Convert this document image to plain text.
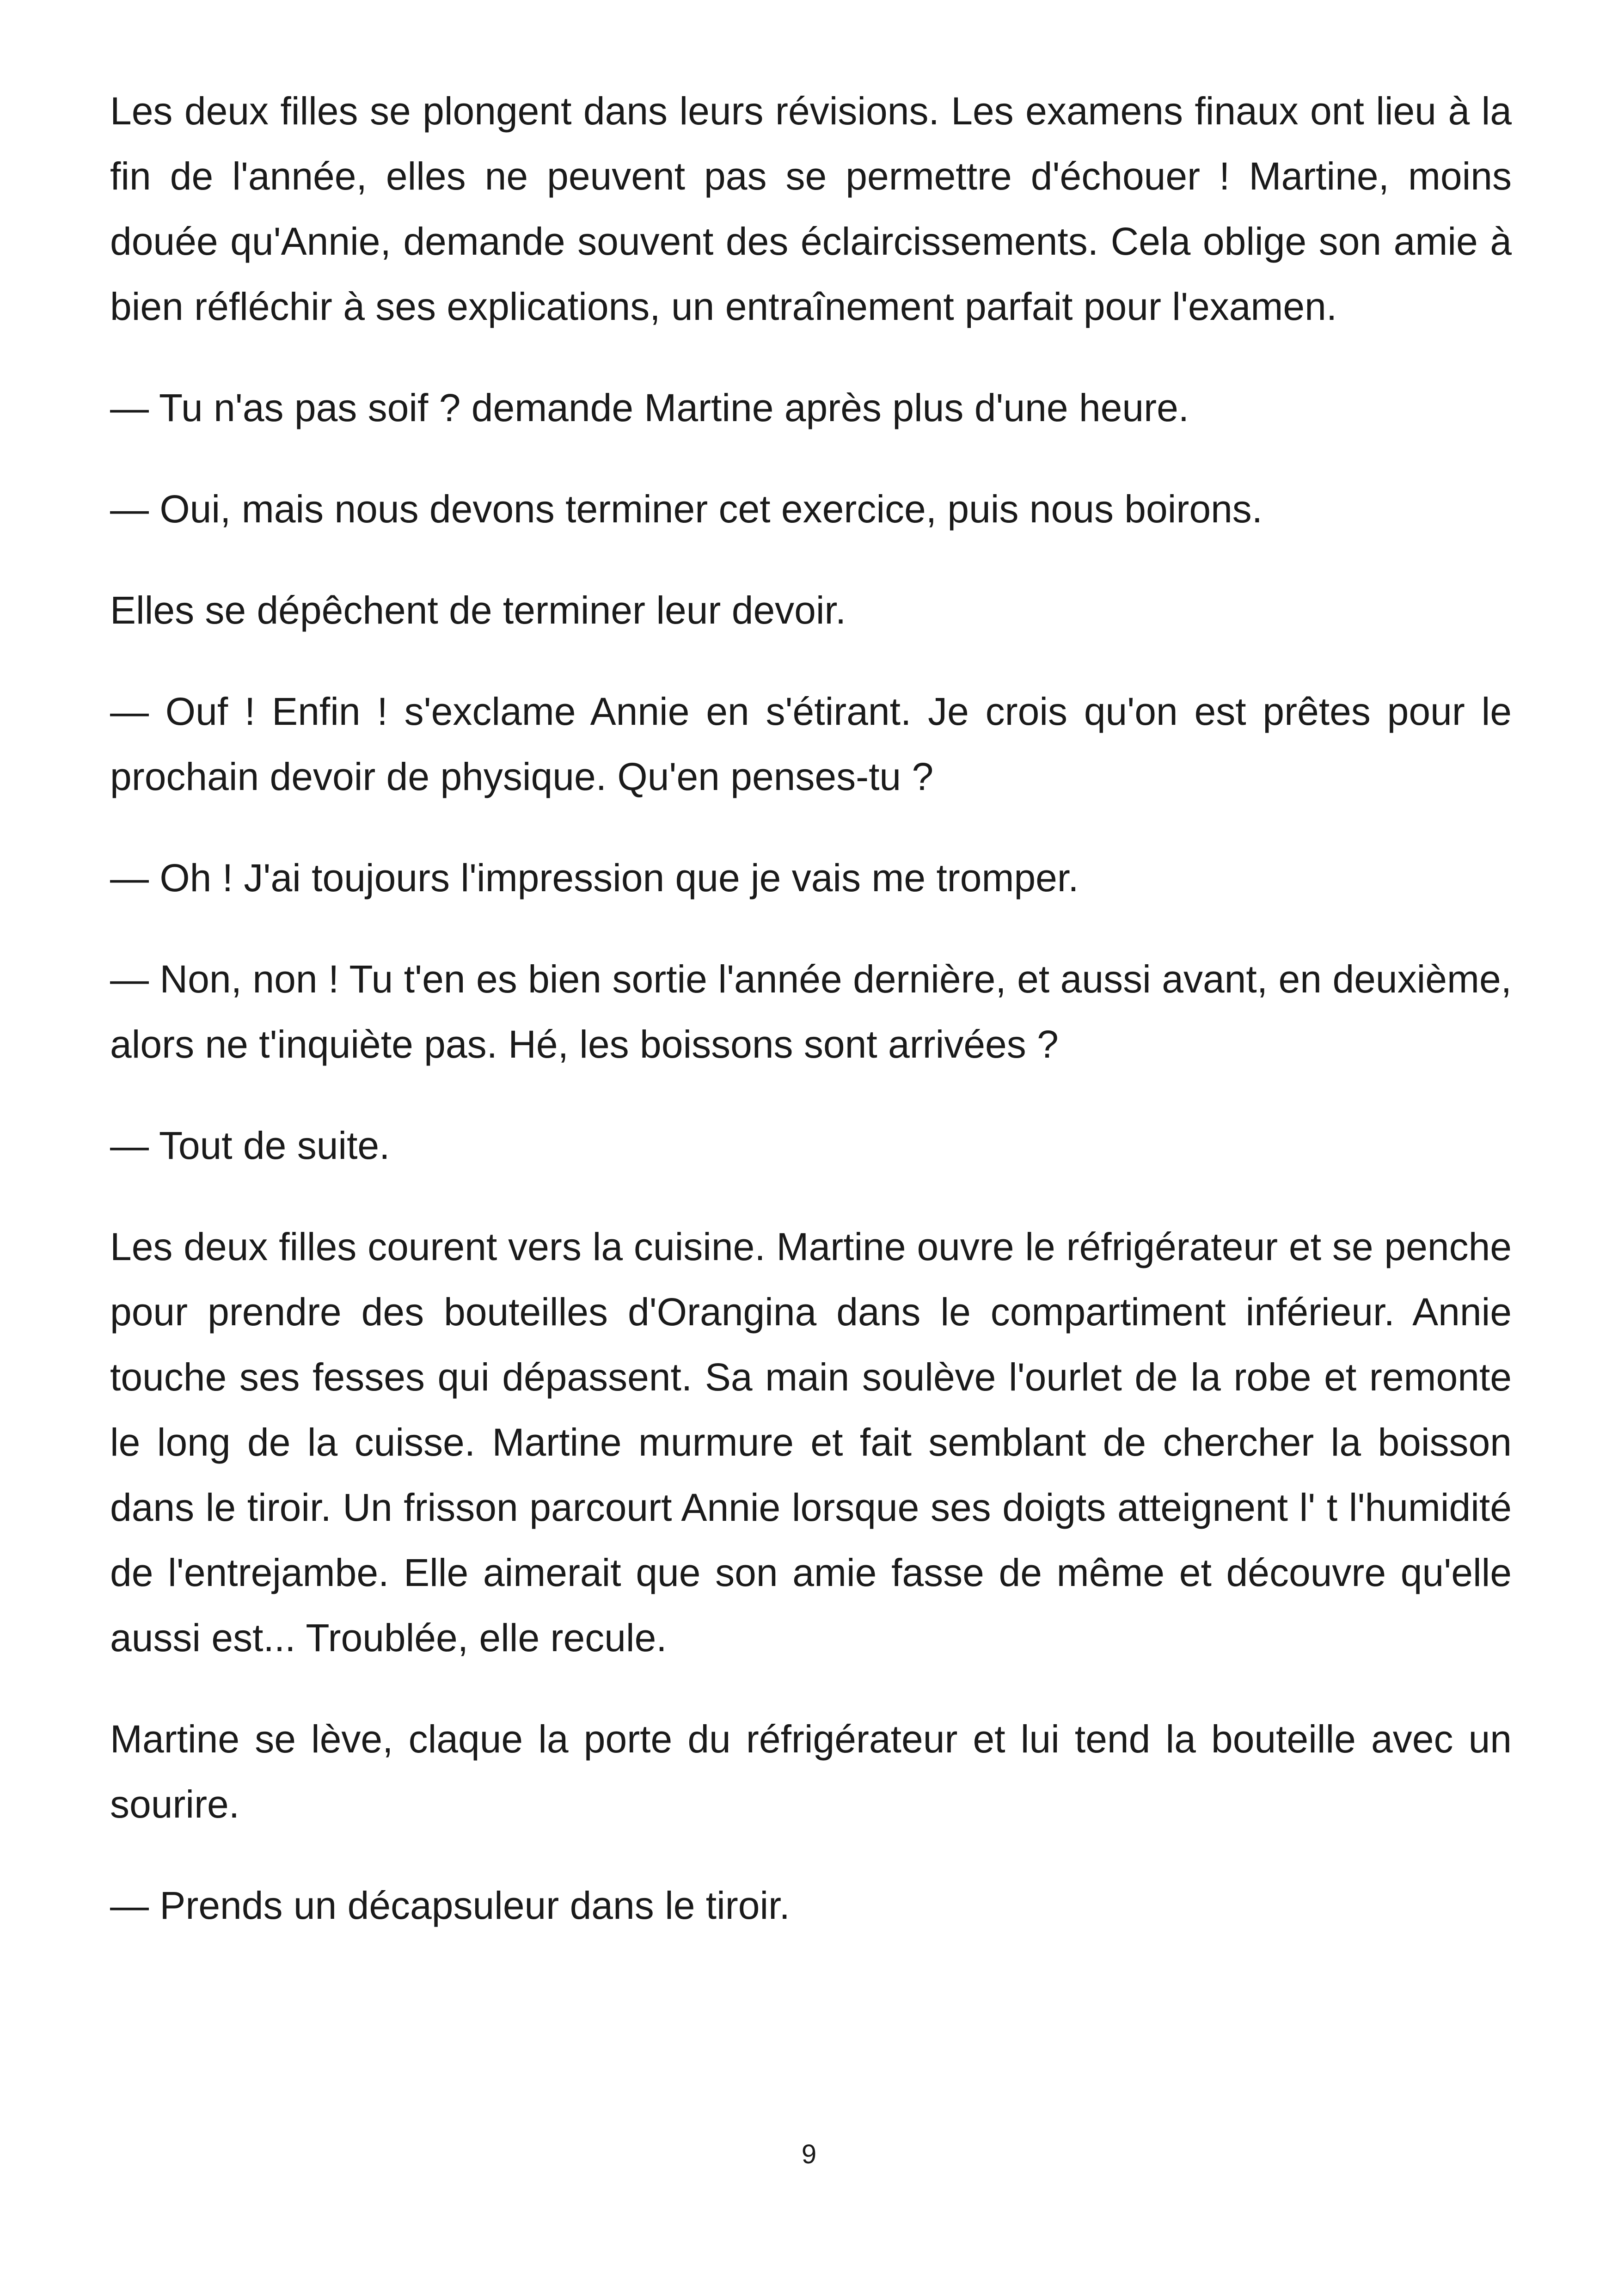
Les deux filles se plongent dans leurs révisions. Les examens finaux ont lieu à la fin de l'année, elles ne peuvent pas se permettre d'échouer ! Martine, moins douée qu'Annie, demande souvent des éclaircissements. Cela oblige son amie à bien réfléchir à ses explications, un entraînement parfait pour l'examen.

— Tu n'as pas soif ? demande Martine après plus d'une heure.

— Oui, mais nous devons terminer cet exercice, puis nous boirons.

Elles se dépêchent de terminer leur devoir.

— Ouf ! Enfin ! s'exclame Annie en s'étirant. Je crois qu'on est prêtes pour le prochain devoir de physique. Qu'en penses-tu ?

— Oh ! J'ai toujours l'impression que je vais me tromper.

— Non, non ! Tu t'en es bien sortie l'année dernière, et aussi avant, en deuxième, alors ne t'inquiète pas. Hé, les boissons sont arrivées ?

— Tout de suite.

Les deux filles courent vers la cuisine. Martine ouvre le réfrigérateur et se penche pour prendre des bouteilles d'Orangina dans le compartiment inférieur. Annie touche ses fesses qui dépassent. Sa main soulève l'ourlet de la robe et remonte le long de la cuisse. Martine murmure et fait semblant de chercher la boisson dans le tiroir. Un frisson parcourt Annie lorsque ses doigts atteignent l' t l'humidité de l'entrejambe. Elle aimerait que son amie fasse de même et découvre qu'elle aussi est... Troublée, elle recule.

Martine se lève, claque la porte du réfrigérateur et lui tend la bouteille avec un sourire.

— Prends un décapsuleur dans le tiroir.

9
